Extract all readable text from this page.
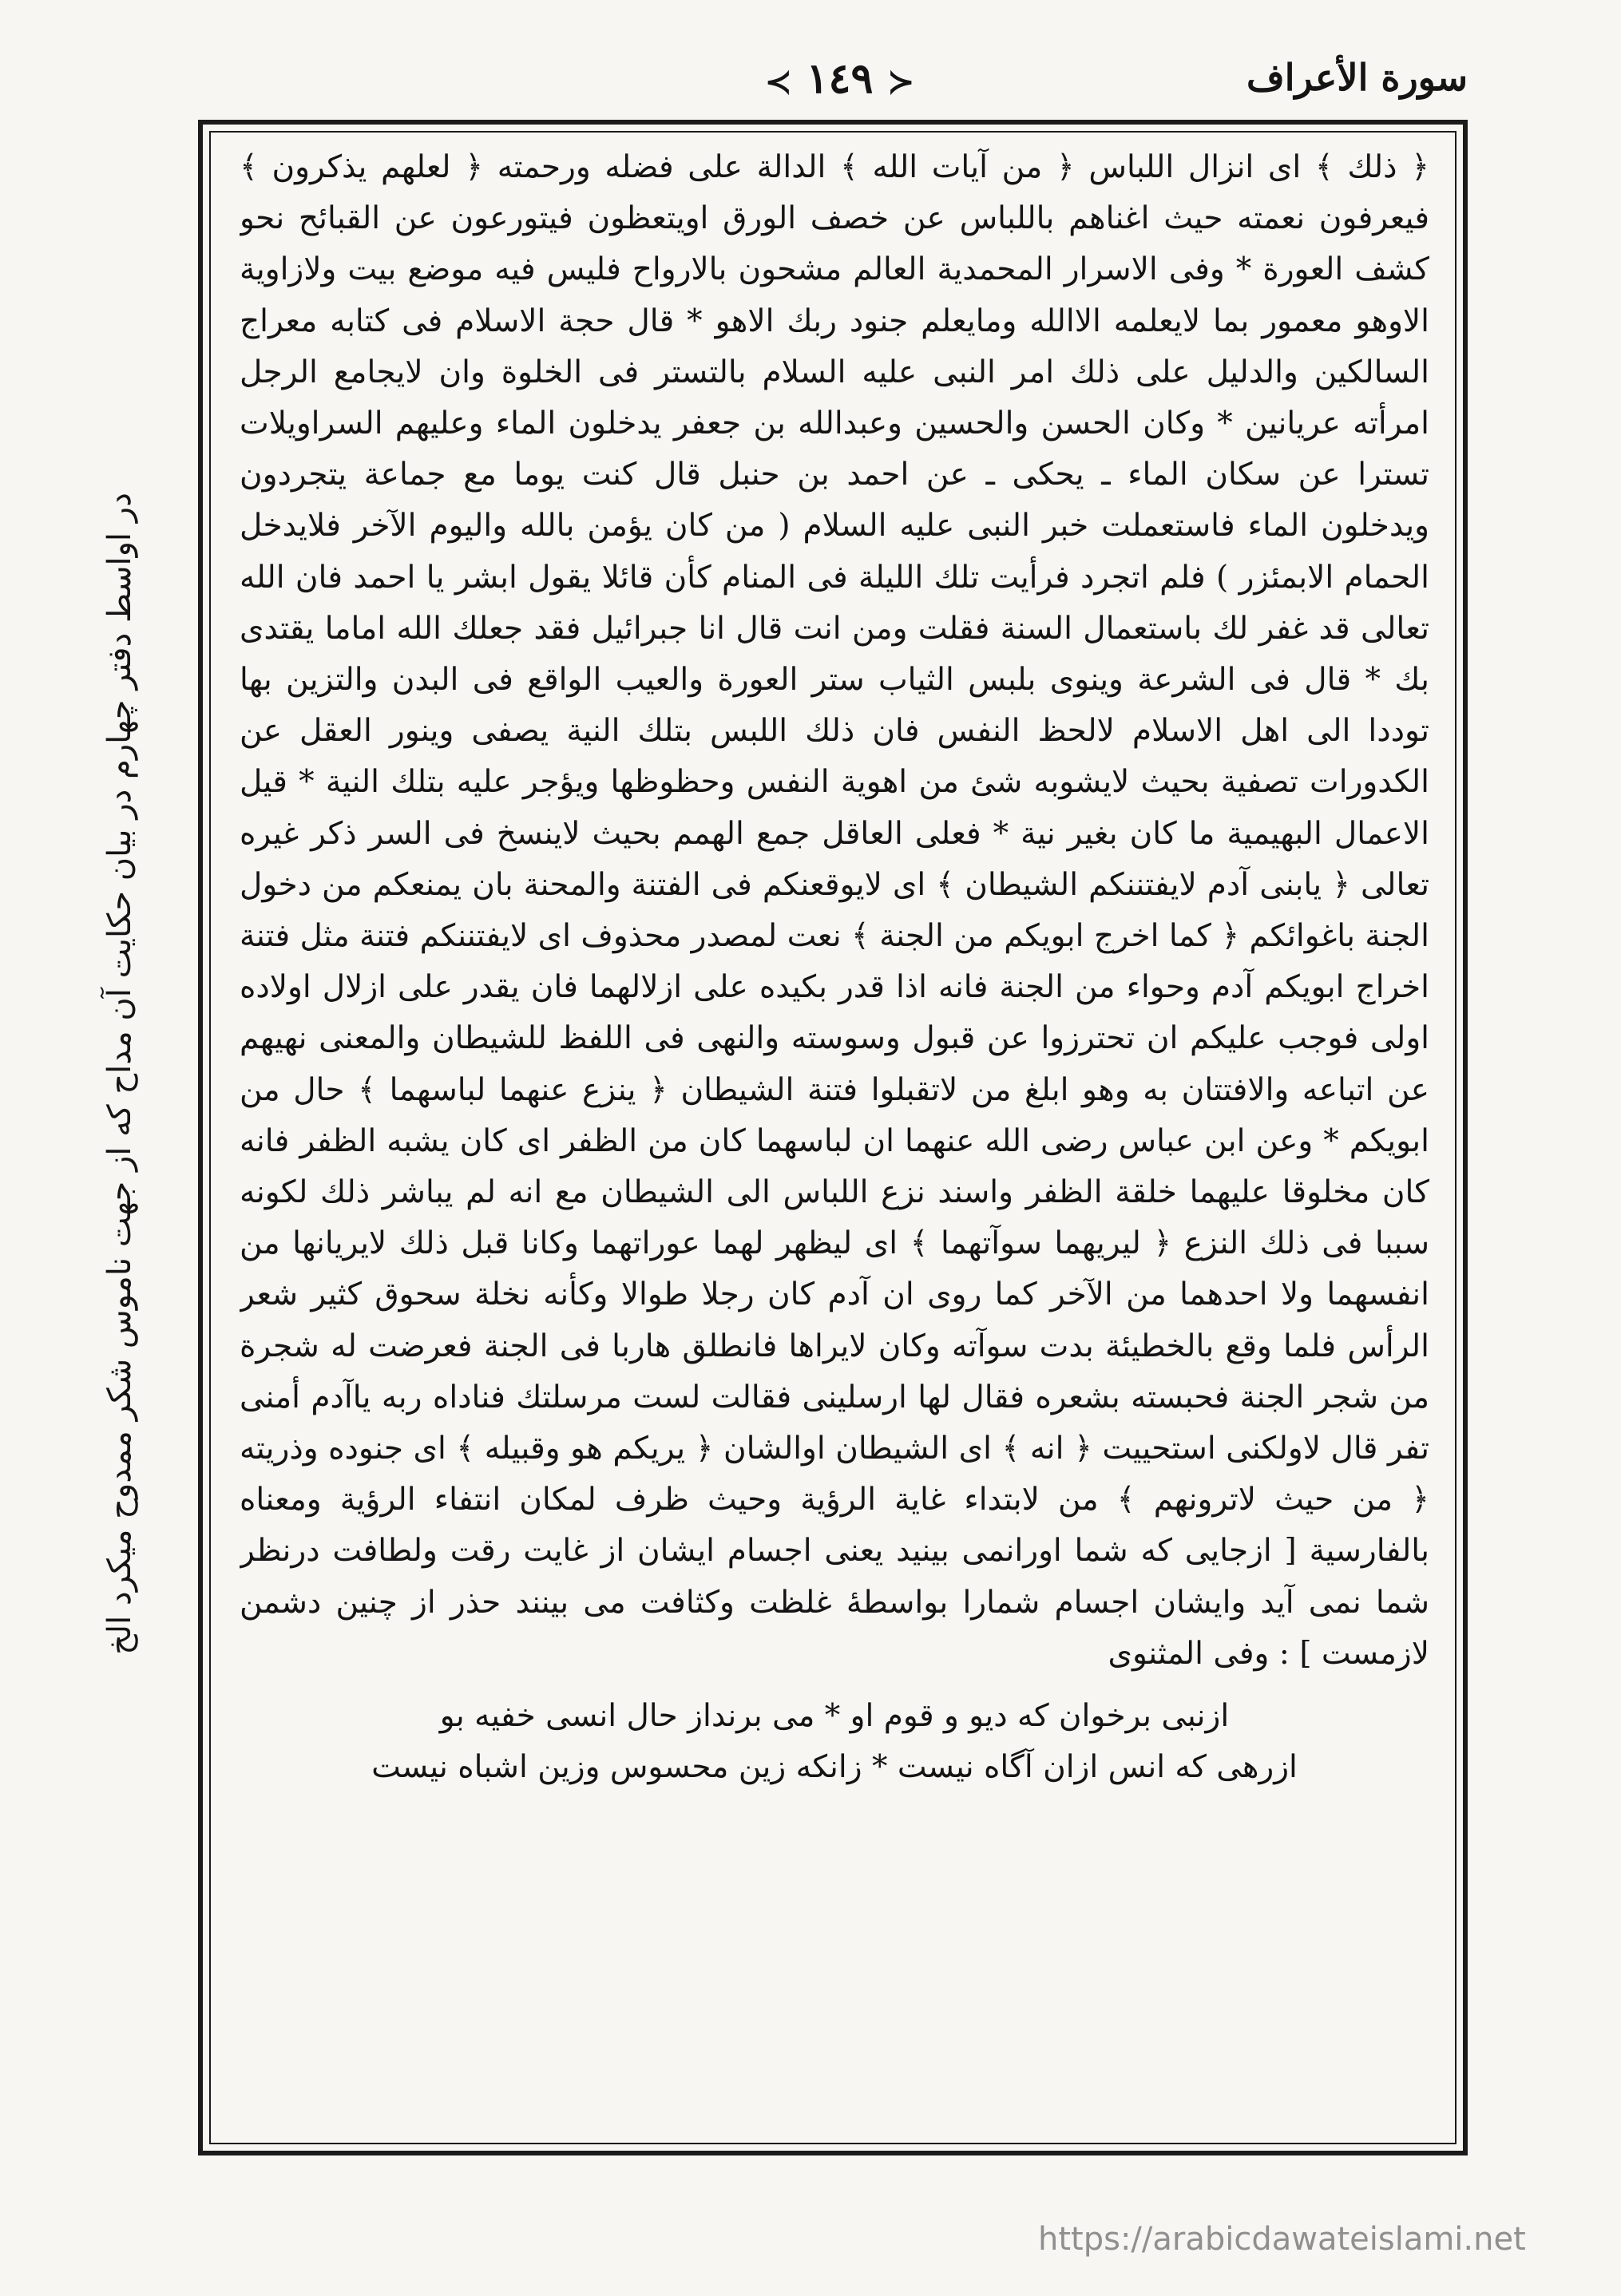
سورة الأعراف
≺ ١٤٩ ≻

﴿ ذلك ﴾ اى انزال اللباس ﴿ من آيات الله ﴾ الدالة على فضله ورحمته ﴿ لعلهم يذكرون ﴾ فيعرفون نعمته حيث اغناهم باللباس عن خصف الورق اويتعظون فيتورعون عن القبائح نحو كشف العورة * وفى الاسرار المحمدية العالم مشحون بالارواح فليس فيه موضع بيت ولازاوية الاوهو معمور بما لايعلمه الاالله ومايعلم جنود ربك الاهو * قال حجة الاسلام فى كتابه معراج السالكين والدليل على ذلك امر النبى عليه السلام بالتستر فى الخلوة وان لايجامع الرجل امرأته عريانين * وكان الحسن والحسين وعبدالله بن جعفر يدخلون الماء وعليهم السراويلات تسترا عن سكان الماء ـ يحكى ـ عن احمد بن حنبل قال كنت يوما مع جماعة يتجردون ويدخلون الماء فاستعملت خبر النبى عليه السلام ( من كان يؤمن بالله واليوم الآخر فلايدخل الحمام الابمئزر ) فلم اتجرد فرأيت تلك الليلة فى المنام كأن قائلا يقول ابشر يا احمد فان الله تعالى قد غفر لك باستعمال السنة فقلت ومن انت قال انا جبرائيل فقد جعلك الله اماما يقتدى بك * قال فى الشرعة وينوى بلبس الثياب ستر العورة والعيب الواقع فى البدن والتزين بها توددا الى اهل الاسلام لالحظ النفس فان ذلك اللبس بتلك النية يصفى وينور العقل عن الكدورات تصفية بحيث لايشوبه شئ من اهوية النفس وحظوظها ويؤجر عليه بتلك النية * قيل الاعمال البهيمية ما كان بغير نية * فعلى العاقل جمع الهمم بحيث لاينسخ فى السر ذكر غيره تعالى ﴿ يابنى آدم لايفتننكم الشيطان ﴾ اى لايوقعنكم فى الفتنة والمحنة بان يمنعكم من دخول الجنة باغوائكم ﴿ كما اخرج ابويكم من الجنة ﴾ نعت لمصدر محذوف اى لايفتننكم فتنة مثل فتنة اخراج ابويكم آدم وحواء من الجنة فانه اذا قدر بكيده على ازلالهما فان يقدر على ازلال اولاده اولى فوجب عليكم ان تحترزوا عن قبول وسوسته والنهى فى اللفظ للشيطان والمعنى نهيهم عن اتباعه والافتتان به وهو ابلغ من لاتقبلوا فتنة الشيطان ﴿ ينزع عنهما لباسهما ﴾ حال من ابويكم * وعن ابن عباس رضى الله عنهما ان لباسهما كان من الظفر اى كان يشبه الظفر فانه كان مخلوقا عليهما خلقة الظفر واسند نزع اللباس الى الشيطان مع انه لم يباشر ذلك لكونه سببا فى ذلك النزع ﴿ ليريهما سوآتهما ﴾ اى ليظهر لهما عوراتهما وكانا قبل ذلك لايريانها من انفسهما ولا احدهما من الآخر كما روى ان آدم كان رجلا طوالا وكأنه نخلة سحوق كثير شعر الرأس فلما وقع بالخطيئة بدت سوآته وكان لايراها فانطلق هاربا فى الجنة فعرضت له شجرة من شجر الجنة فحبسته بشعره فقال لها ارسلينى فقالت لست مرسلتك فناداه ربه ياآدم أمنى تفر قال لاولكنى استحييت ﴿ انه ﴾ اى الشيطان اوالشان ﴿ يريكم هو وقبيله ﴾ اى جنوده وذريته ﴿ من حيث لاترونهم ﴾ من لابتداء غاية الرؤية وحيث ظرف لمكان انتفاء الرؤية ومعناه بالفارسية [ ازجايى كه شما اورانمى بينيد يعنى اجسام ايشان از غايت رقت ولطافت درنظر شما نمى آيد وايشان اجسام شمارا بواسطهٔ غلظت وكثافت مى بينند حذر از چنين دشمن لازمست ] : وفى المثنوى

ازنبى برخوان كه ديو و قوم او * مى برنداز حال انسى خفيه بو
ازرهى كه انس ازان آگاه نيست * زانكه زين محسوس وزين اشباه نيست
در اواسط دفتر چهارم در بيان حكايت آن مداح كه از جهت ناموس شكر ممدوح ميكرد الخ
https://arabicdawateislami.net
